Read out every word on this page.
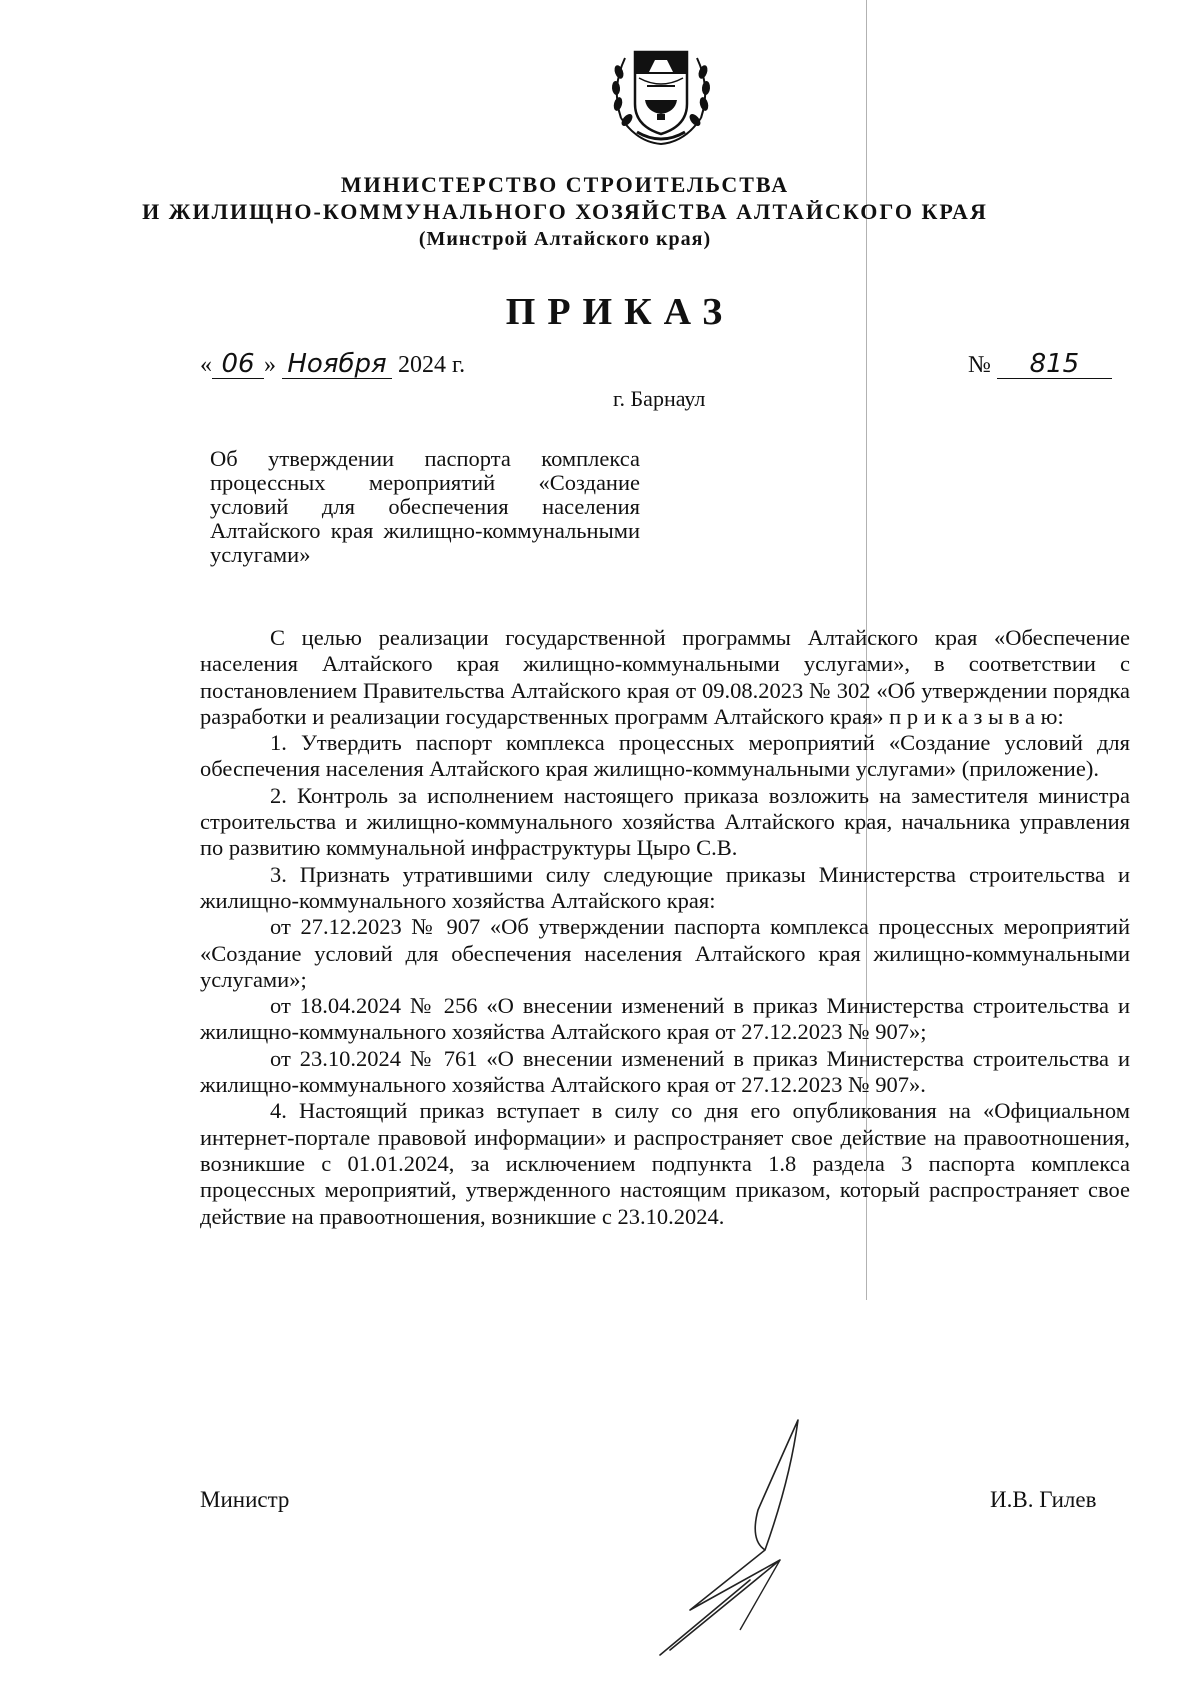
МИНИСТЕРСТВО СТРОИТЕЛЬСТВА
И ЖИЛИЩНО-КОММУНАЛЬНОГО ХОЗЯЙСТВА АЛТАЙСКОГО КРАЯ
(Минстрой Алтайского края)
ПРИКАЗ
« 06 » Ноября 2024 г.	№ 815
г. Барнаул
Об утверждении паспорта комплекса процессных мероприятий «Создание условий для обеспечения населения Алтайского края жилищно-коммунальными услугами»

С целью реализации государственной программы Алтайского края «Обеспечение населения Алтайского края жилищно-коммунальными услугами», в соответствии с постановлением Правительства Алтайского края от 09.08.2023 № 302 «Об утверждении порядка разработки и реализации государственных программ Алтайского края» п р и к а з ы в а ю:

1. Утвердить паспорт комплекса процессных мероприятий «Создание условий для обеспечения населения Алтайского края жилищно-коммунальными услугами» (приложение).

2. Контроль за исполнением настоящего приказа возложить на заместителя министра строительства и жилищно-коммунального хозяйства Алтайского края, начальника управления по развитию коммунальной инфраструктуры Цыро С.В.

3. Признать утратившими силу следующие приказы Министерства строительства и жилищно-коммунального хозяйства Алтайского края:

от 27.12.2023 № 907 «Об утверждении паспорта комплекса процессных мероприятий «Создание условий для обеспечения населения Алтайского края жилищно-коммунальными услугами»;

от 18.04.2024 № 256 «О внесении изменений в приказ Министерства строительства и жилищно-коммунального хозяйства Алтайского края от 27.12.2023 № 907»;

от 23.10.2024 № 761 «О внесении изменений в приказ Министерства строительства и жилищно-коммунального хозяйства Алтайского края от 27.12.2023 № 907».

4. Настоящий приказ вступает в силу со дня его опубликования на «Официальном интернет-портале правовой информации» и распространяет свое действие на правоотношения, возникшие с 01.01.2024, за исключением подпункта 1.8 раздела 3 паспорта комплекса процессных мероприятий, утвержденного настоящим приказом, который распространяет свое действие на правоотношения, возникшие с 23.10.2024.

Министр	И.В. Гилев
